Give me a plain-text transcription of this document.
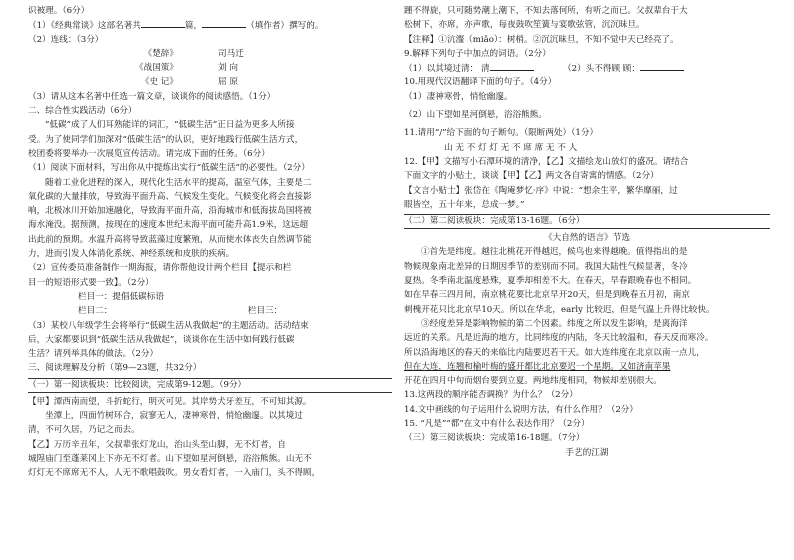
识被理。（6分）
（1）《经典常谈》这部名著共	篇，	（填作者）撰写的。
（2）连线：（3分）
《楚辞》	司马迁
《战国策》	刘 向
《史 记》	屈 原
（3）请从这本名著中任选一篇文章，谈谈你的阅读感悟。（1分）
二、综合性实践活动（6分）
“低碳”成了人们耳熟能详的词汇，“低碳生活”正日益为更多人所接
受。为了使同学们加深对“低碳生活”的认识，更好地践行低碳生活方式，
校团委将要举办一次展览宣传活动。请完成下面的任务。（6分）
（1）阅读下面材料，写出你从中提炼出实行“低碳生活”的必要性。（2分）
随着工业化进程的深入，现代化生活水平的提高，温室气体，主要是二
氧化碳的大量排放，导致海平面升高、气候发生变化。气候变化将会直接影
响，北极冰川开始加速融化，导致海平面升高，沿海城市和低海拔岛国将被
海水淹没。据预测，按现在的速度本世纪末海平面可能升高1.9米，这远超
出此前的预期。水温升高将导致蓝藻过度繁殖，从而使水体丧失自然调节能
力，进而引发人体消化系统、神经系统和皮肤的疾病。
（2）宣传委员准备制作一期海报，请你帮他设计两个栏目【提示和栏
目一的短语形式要一致】。（2分）
栏目一：提倡低碳标语
栏目二：	栏目三：
（3）某校八年级学生会将举行“低碳生活从我做起”的主题活动。活动结束
后，大家都要识到“低碳生活从我做起”，谈谈你在生活中如何践行低碳
生活？请列举具体的做法。（2分）
三、阅读理解及分析（第9—23题，共32分）
（一）第一阅读板块：比较阅读，完成第9-12题。（9分）
【甲】潭西南而望，斗折蛇行，明灭可见。其岸势犬牙差互，不可知其源。
坐潭上，四面竹树环合，寂寥无人，凄神寒骨，悄怆幽邃。以其境过
清，不可久居，乃记之而去。
【乙】万历辛丑年，父叔辈张灯龙山，治山头至山脚，无不灯者，自
城隍庙门至蓬莱冈上下亦无不灯者。山下望如星河倒悬，浴浴熊熊。山无不
灯灯无不席席无不人，人无不歌唱鼓吹。男女看灯者，一入庙门，头不得顾，
踵不得旋，只可随势潮上潮下，不知去落何所，有听之而已。父叔辈台于大
松树下，亦席，亦声歌，每夜鼓吹笙簧与宴歌弦管，沉沉昧旦。
【注释】①沆瀣（miǎo）：树梢。②沉沉昧旦，不知不觉中天已经亮了。
9.解释下列句子中加点的词语。（2分）
（1）以其境过清： 清	（2）头不得顾 顾：
10.用现代汉语翻译下面的句子。（4分）
（1）凄神寒骨，悄怆幽邃。
（2）山下望如星河倒悬，浴浴熊熊。
11.请用“/”给下面的句子断句。（限断两处）（1分）
山 无 不 灯 灯 无 不 席 席 无 不 人
12.【甲】文描写小石潭环境的清净，【乙】文描绘龙山放灯的盛况。请结合
下面文字的小贴士，谈谈【甲】【乙】两文各自寄寓的情感。（2分）
【文言小贴士】张岱在《陶庵梦忆·序》中说：“想余生平，繁华靡丽，过
眼皆空，五十年来，总成一梦。”
（二）第二阅读板块：完成第13-16题。（6分）
《大自然的语言》节选
①首先是纬度。越往北桃花开得越迟，候鸟也来得越晚。值得指出的是
物候现象南北差异的日期因季节的差别而不同。我国大陆性气候显著，冬冷
夏热。冬季南北温度悬殊，夏季却相差不大。在春天，早春跟晚春也不相同。
如在早春三四月间，南京桃花要比北京早开20天，但是到晚春五月初，南京
刺槐开花只比北京早10天。所以在华北，early 比较迟，但是气温上升得比较快。
③经度差异是影响物候的第二个因素。纬度之所以发生影响，是离海洋
远近的关系。凡是近海的地方，比同纬度的内陆，冬天比较温和，春天反而寒冷。
所以沿海地区的春天的来临比内陆要迟若干天。如大连纬度在北京以南一点儿，
但在大连，连翘和榆叶梅的盛开都比北京要迟一个星期。又如济南苹果
开花在四月中旬而烟台要到立夏。两地纬度相同，物候却差别很大。
13.这两段的顺序能否调换？为什么？（2分）
14.文中画线的句子运用什么说明方法，有什么作用？（2分）
15. “凡是”“都”在文中有什么表达作用？（2分）
（三）第三阅读板块：完成第16-18题。（7分）
手艺的江湖
